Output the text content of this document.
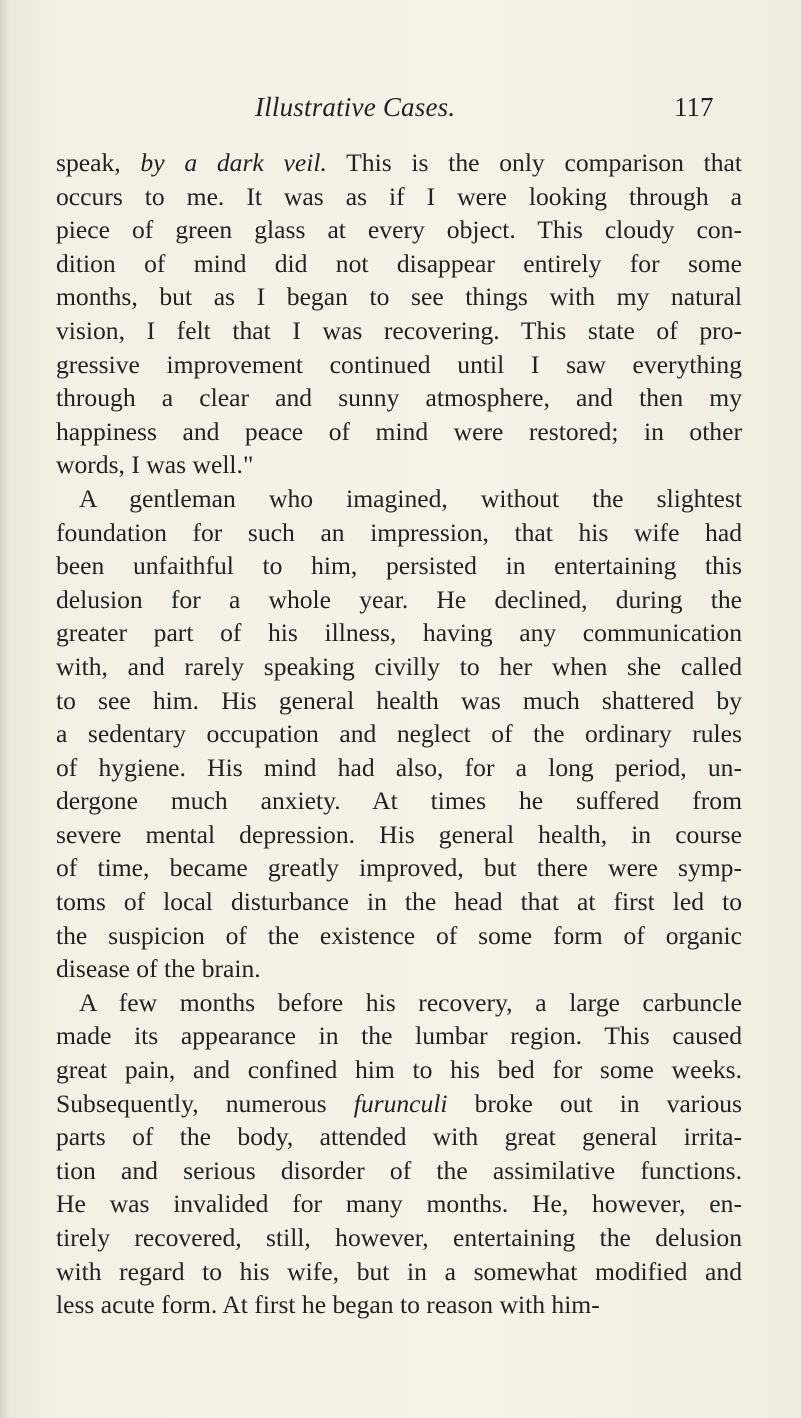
Illustrative Cases.	117

speak, by a dark veil. This is the only comparison that
occurs to me. It was as if I were looking through a
piece of green glass at every object. This cloudy con-
dition of mind did not disappear entirely for some
months, but as I began to see things with my natural
vision, I felt that I was recovering. This state of pro-
gressive improvement continued until I saw everything
through a clear and sunny atmosphere, and then my
happiness and peace of mind were restored; in other
words, I was well."

A gentleman who imagined, without the slightest
foundation for such an impression, that his wife had
been unfaithful to him, persisted in entertaining this
delusion for a whole year. He declined, during the
greater part of his illness, having any communication
with, and rarely speaking civilly to her when she called
to see him. His general health was much shattered by
a sedentary occupation and neglect of the ordinary rules
of hygiene. His mind had also, for a long period, un-
dergone much anxiety. At times he suffered from
severe mental depression. His general health, in course
of time, became greatly improved, but there were symp-
toms of local disturbance in the head that at first led to
the suspicion of the existence of some form of organic
disease of the brain.

A few months before his recovery, a large carbuncle
made its appearance in the lumbar region. This caused
great pain, and confined him to his bed for some weeks.
Subsequently, numerous furunculi broke out in various
parts of the body, attended with great general irrita-
tion and serious disorder of the assimilative functions.
He was invalided for many months. He, however, en-
tirely recovered, still, however, entertaining the delusion
with regard to his wife, but in a somewhat modified and
less acute form. At first he began to reason with him-
